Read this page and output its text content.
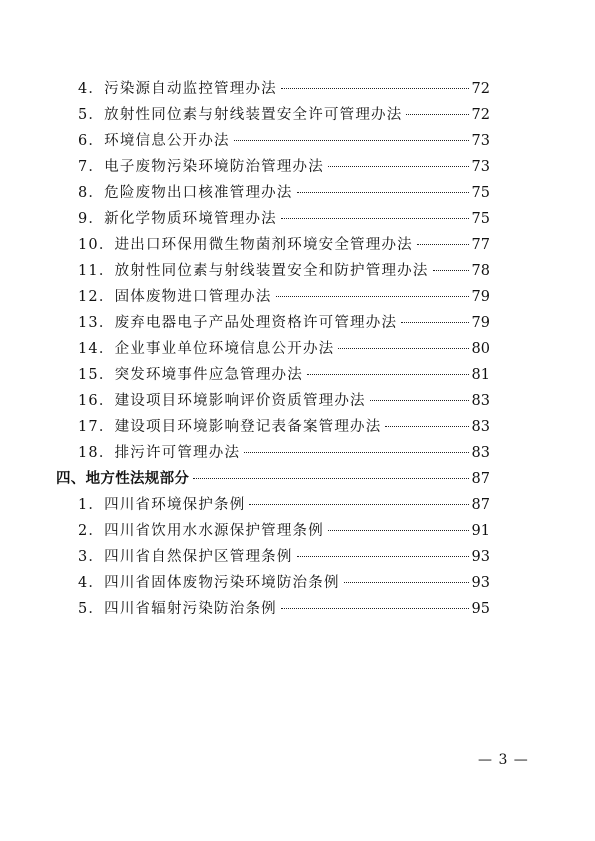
4． 污染源自动监控管理办法	72
5． 放射性同位素与射线装置安全许可管理办法	72
6． 环境信息公开办法	73
7． 电子废物污染环境防治管理办法	73
8． 危险废物出口核准管理办法	75
9． 新化学物质环境管理办法	75
10． 进出口环保用微生物菌剂环境安全管理办法	77
11． 放射性同位素与射线装置安全和防护管理办法	78
12． 固体废物进口管理办法	79
13． 废弃电器电子产品处理资格许可管理办法	79
14． 企业事业单位环境信息公开办法	80
15． 突发环境事件应急管理办法	81
16． 建设项目环境影响评价资质管理办法	83
17． 建设项目环境影响登记表备案管理办法	83
18． 排污许可管理办法	83
四、 地方性法规部分	87
1． 四川省环境保护条例	87
2． 四川省饮用水水源保护管理条例	91
3． 四川省自然保护区管理条例	93
4． 四川省固体废物污染环境防治条例	93
5． 四川省辐射污染防治条例	95
— 3 —
